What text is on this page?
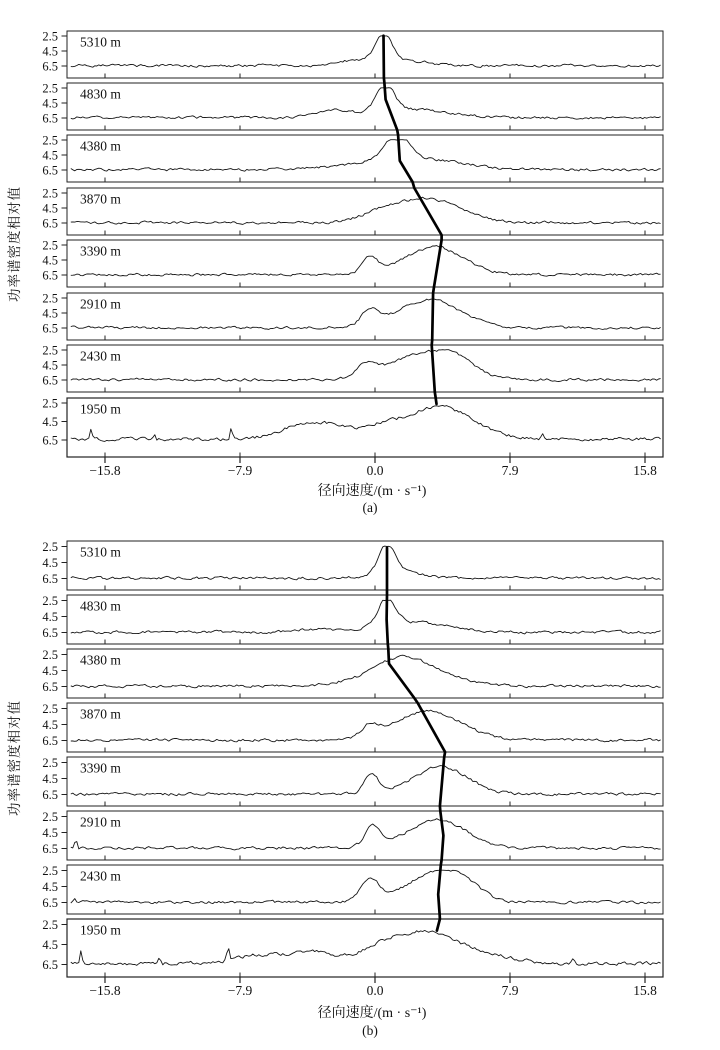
2.5
4.5
6.5
5310 m
2.5
4.5
6.5
4830 m
2.5
4.5
6.5
4380 m
2.5
4.5
6.5
3870 m
2.5
4.5
6.5
3390 m
2.5
4.5
6.5
2910 m
2.5
4.5
6.5
2430 m
2.5
4.5
6.5
1950 m
−15.8	−7.9	0.0	7.9	15.8
2.5
4.5
6.5
5310 m
2.5
4.5
6.5
4830 m
2.5
4.5
6.5
4380 m
2.5
4.5
6.5
3870 m
2.5
4.5
6.5
3390 m
2.5
4.5
6.5
2910 m
2.5
4.5
6.5
2430 m
2.5
4.5
6.5
1950 m
−15.8	−7.9	0.0	7.9	15.8
功率谱密度相对值
功率谱密度相对值
径向速度/(m · s⁻¹)
(a)
径向速度/(m · s⁻¹)
(b)
